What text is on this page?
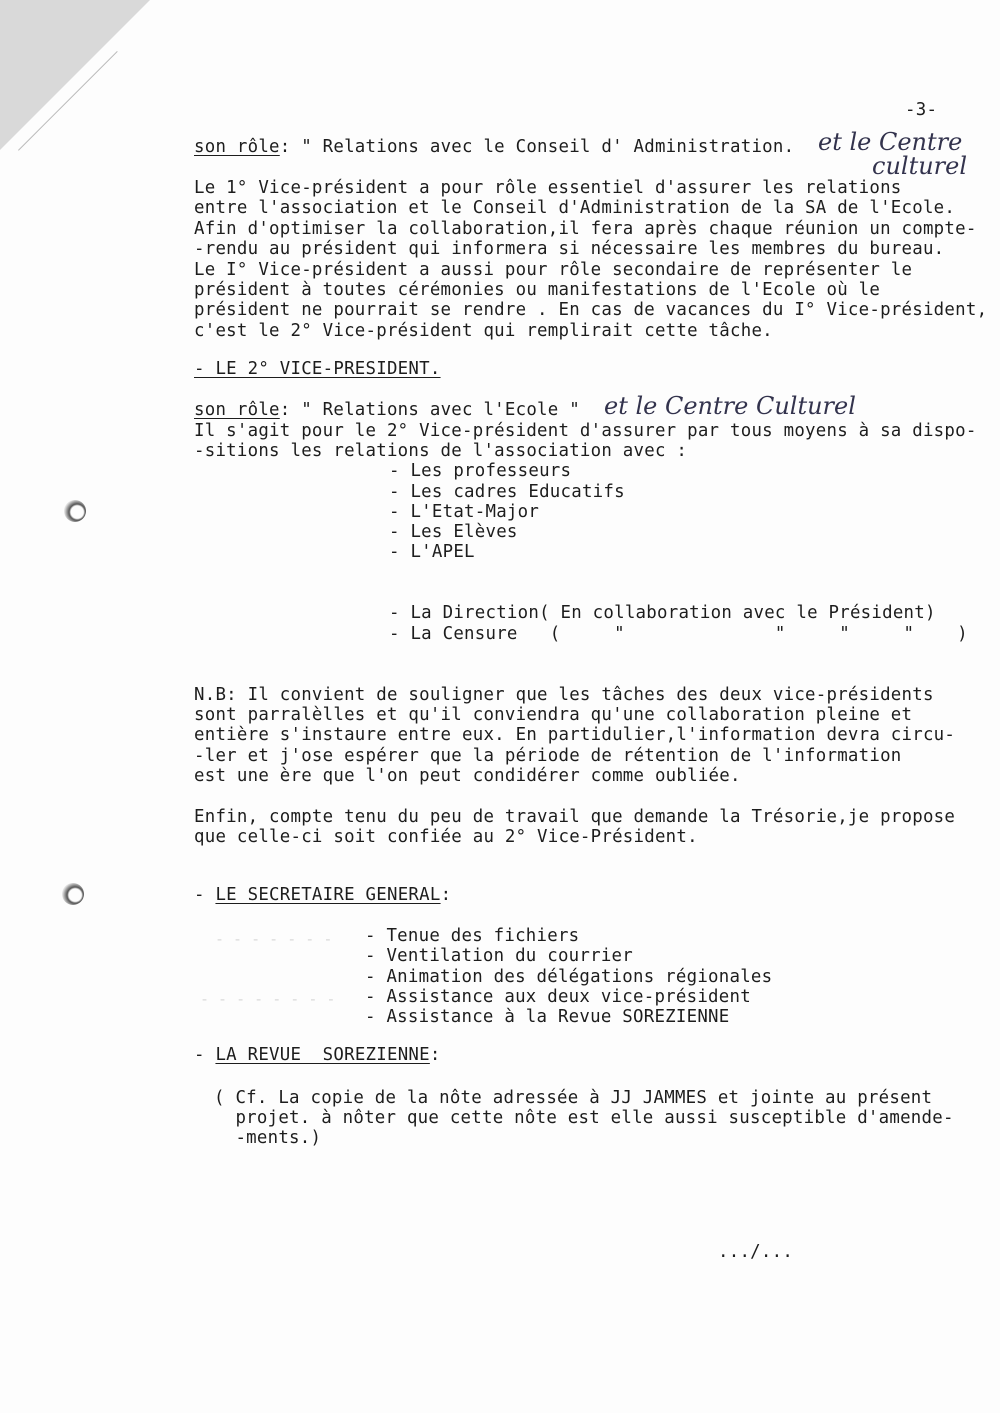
-3-
son rôle: " Relations avec le Conseil d' Administration. et le Centre
culturel
Le 1° Vice-président a pour rôle essentiel d'assurer les relations
entre l'association et le Conseil d'Administration de la SA de l'Ecole.
Afin d'optimiser la collaboration,il fera après chaque réunion un compte-
-rendu au président qui informera si nécessaire les membres du bureau.
Le I° Vice-président a aussi pour rôle secondaire de représenter le
président à toutes cérémonies ou manifestations de l'Ecole où le
président ne pourrait se rendre . En cas de vacances du I° Vice-président,
c'est le 2° Vice-président qui remplirait cette tâche.
- LE 2° VICE-PRESIDENT.
son rôle: " Relations avec l'Ecole " et le Centre Culturel
Il s'agit pour le 2° Vice-président d'assurer par tous moyens à sa dispo-
-sitions les relations de l'association avec :
- Les professeurs
- Les cadres Educatifs
- L'Etat-Major
- Les Elèves
- L'APEL
- La Direction( En collaboration avec le Président)
- La Censure   (     "              "     "     "    )
N.B: Il convient de souligner que les tâches des deux vice-présidents
sont parralèlles et qu'il conviendra qu'une collaboration pleine et
entière s'instaure entre eux. En partidulier,l'information devra circu-
-ler et j'ose espérer que la période de rétention de l'information
est une ère que l'on peut condidérer comme oubliée.
Enfin, compte tenu du peu de travail que demande la Trésorie,je propose
que celle-ci soit confiée au 2° Vice-Président.
- LE SECRETAIRE GENERAL:
- - - - - - -
- - - - - - - -
- Tenue des fichiers
- Ventilation du courrier
- Animation des délégations régionales
- Assistance aux deux vice-président
- Assistance à la Revue SOREZIENNE
- LA REVUE  SOREZIENNE:
( Cf. La copie de la nôte adressée à JJ JAMMES et jointe au présent
projet. à nôter que cette nôte est elle aussi susceptible d'amende-
-ments.)
.../...
